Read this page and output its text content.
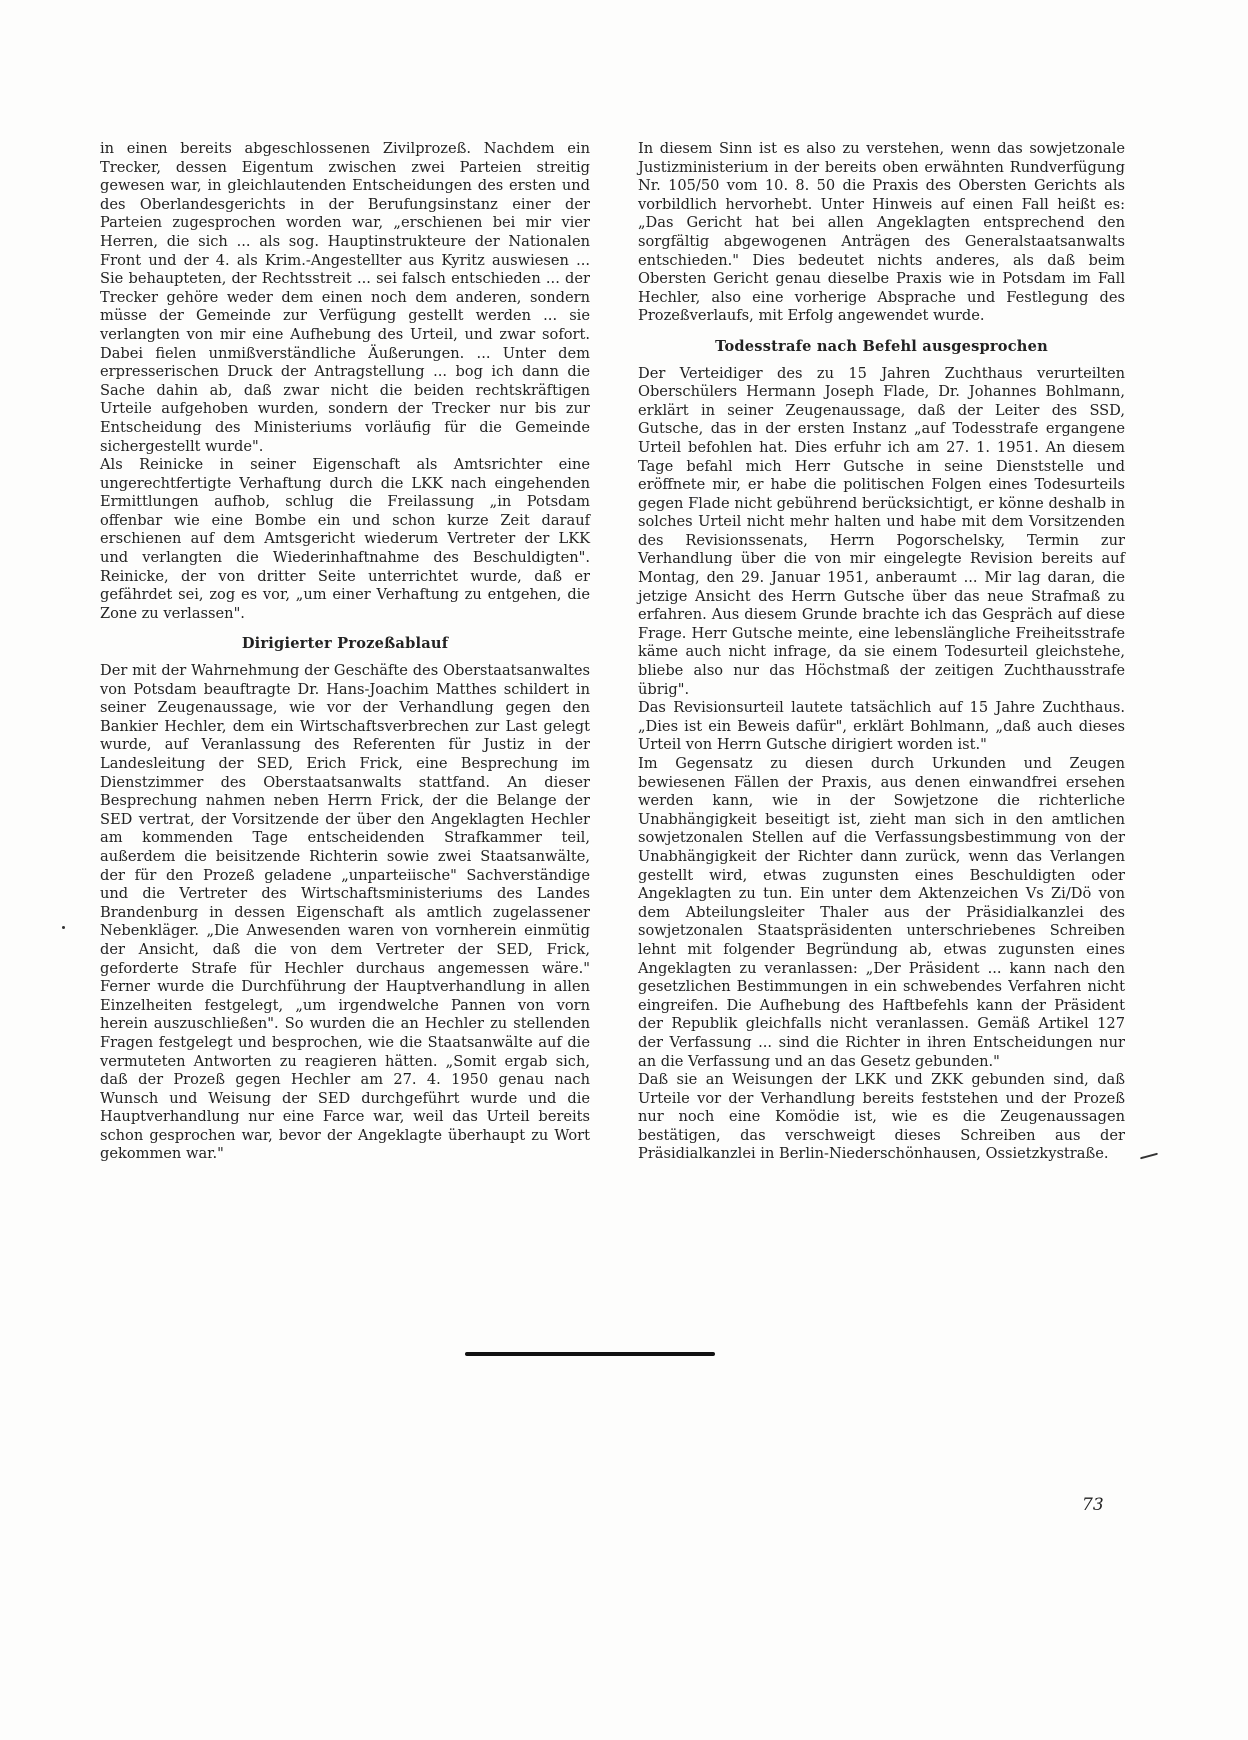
in einen bereits abgeschlossenen Zivilprozeß. Nachdem ein Trecker, dessen Eigentum zwischen zwei Parteien streitig gewesen war, in gleichlautenden Entscheidungen des ersten und des Oberlandesgerichts in der Berufungsinstanz einer der Parteien zugesprochen worden war, „erschienen bei mir vier Herren, die sich ... als sog. Hauptinstrukteure der Nationalen Front und der 4. als Krim.-Angestellter aus Kyritz auswiesen ... Sie behaupteten, der Rechtsstreit ... sei falsch entschieden ... der Trecker gehöre weder dem einen noch dem anderen, sondern müsse der Gemeinde zur Verfügung gestellt werden ... sie verlangten von mir eine Aufhebung des Urteil, und zwar sofort. Dabei fielen unmißverständliche Äußerungen. ... Unter dem erpresserischen Druck der Antragstellung ... bog ich dann die Sache dahin ab, daß zwar nicht die beiden rechtskräftigen Urteile aufgehoben wurden, sondern der Trecker nur bis zur Entscheidung des Ministeriums vorläufig für die Gemeinde sichergestellt wurde".

Als Reinicke in seiner Eigenschaft als Amtsrichter eine ungerechtfertigte Verhaftung durch die LKK nach eingehenden Ermittlungen aufhob, schlug die Freilassung „in Potsdam offenbar wie eine Bombe ein und schon kurze Zeit darauf erschienen auf dem Amtsgericht wiederum Vertreter der LKK und verlangten die Wiederinhaftnahme des Beschuldigten". Reinicke, der von dritter Seite unterrichtet wurde, daß er gefährdet sei, zog es vor, „um einer Verhaftung zu entgehen, die Zone zu verlassen".

Dirigierter Prozeßablauf

Der mit der Wahrnehmung der Geschäfte des Oberstaatsanwaltes von Potsdam beauftragte Dr. Hans-Joachim Matthes schildert in seiner Zeugenaussage, wie vor der Verhandlung gegen den Bankier Hechler, dem ein Wirtschaftsverbrechen zur Last gelegt wurde, auf Veranlassung des Referenten für Justiz in der Landesleitung der SED, Erich Frick, eine Besprechung im Dienstzimmer des Oberstaatsanwalts stattfand. An dieser Besprechung nahmen neben Herrn Frick, der die Belange der SED vertrat, der Vorsitzende der über den Angeklagten Hechler am kommenden Tage entscheidenden Strafkammer teil, außerdem die beisitzende Richterin sowie zwei Staatsanwälte, der für den Prozeß geladene „unparteiische" Sachverständige und die Vertreter des Wirtschaftsministeriums des Landes Brandenburg in dessen Eigenschaft als amtlich zugelassener Nebenkläger. „Die Anwesenden waren von vornherein einmütig der Ansicht, daß die von dem Vertreter der SED, Frick, geforderte Strafe für Hechler durchaus angemessen wäre." Ferner wurde die Durchführung der Hauptverhandlung in allen Einzelheiten festgelegt, „um irgendwelche Pannen von vorn herein auszuschließen". So wurden die an Hechler zu stellenden Fragen festgelegt und besprochen, wie die Staatsanwälte auf die vermuteten Antworten zu reagieren hätten. „Somit ergab sich, daß der Prozeß gegen Hechler am 27. 4. 1950 genau nach Wunsch und Weisung der SED durchgeführt wurde und die Hauptverhandlung nur eine Farce war, weil das Urteil bereits schon gesprochen war, bevor der Angeklagte überhaupt zu Wort gekommen war."

In diesem Sinn ist es also zu verstehen, wenn das sowjetzonale Justizministerium in der bereits oben erwähnten Rundverfügung Nr. 105/50 vom 10. 8. 50 die Praxis des Obersten Gerichts als vorbildlich hervorhebt. Unter Hinweis auf einen Fall heißt es: „Das Gericht hat bei allen Angeklagten entsprechend den sorgfältig abgewogenen Anträgen des Generalstaatsanwalts entschieden." Dies bedeutet nichts anderes, als daß beim Obersten Gericht genau dieselbe Praxis wie in Potsdam im Fall Hechler, also eine vorherige Absprache und Festlegung des Prozeßverlaufs, mit Erfolg angewendet wurde.

Todesstrafe nach Befehl ausgesprochen

Der Verteidiger des zu 15 Jahren Zuchthaus verurteilten Oberschülers Hermann Joseph Flade, Dr. Johannes Bohlmann, erklärt in seiner Zeugenaussage, daß der Leiter des SSD, Gutsche, das in der ersten Instanz „auf Todesstrafe ergangene Urteil befohlen hat. Dies erfuhr ich am 27. 1. 1951. An diesem Tage befahl mich Herr Gutsche in seine Dienststelle und eröffnete mir, er habe die politischen Folgen eines Todesurteils gegen Flade nicht gebührend berücksichtigt, er könne deshalb in solches Urteil nicht mehr halten und habe mit dem Vorsitzenden des Revisionssenats, Herrn Pogorschelsky, Termin zur Verhandlung über die von mir eingelegte Revision bereits auf Montag, den 29. Januar 1951, anberaumt ... Mir lag daran, die jetzige Ansicht des Herrn Gutsche über das neue Strafmaß zu erfahren. Aus diesem Grunde brachte ich das Gespräch auf diese Frage. Herr Gutsche meinte, eine lebenslängliche Freiheitsstrafe käme auch nicht infrage, da sie einem Todesurteil gleichstehe, bliebe also nur das Höchstmaß der zeitigen Zuchthausstrafe übrig".

Das Revisionsurteil lautete tatsächlich auf 15 Jahre Zuchthaus. „Dies ist ein Beweis dafür", erklärt Bohlmann, „daß auch dieses Urteil von Herrn Gutsche dirigiert worden ist."

Im Gegensatz zu diesen durch Urkunden und Zeugen bewiesenen Fällen der Praxis, aus denen einwandfrei ersehen werden kann, wie in der Sowjetzone die richterliche Unabhängigkeit beseitigt ist, zieht man sich in den amtlichen sowjetzonalen Stellen auf die Verfassungsbestimmung von der Unabhängigkeit der Richter dann zurück, wenn das Verlangen gestellt wird, etwas zugunsten eines Beschuldigten oder Angeklagten zu tun. Ein unter dem Aktenzeichen Vs Zi/Dö von dem Abteilungsleiter Thaler aus der Präsidialkanzlei des sowjetzonalen Staatspräsidenten unterschriebenes Schreiben lehnt mit folgender Begründung ab, etwas zugunsten eines Angeklagten zu veranlassen: „Der Präsident ... kann nach den gesetzlichen Bestimmungen in ein schwebendes Verfahren nicht eingreifen. Die Aufhebung des Haftbefehls kann der Präsident der Republik gleichfalls nicht veranlassen. Gemäß Artikel 127 der Verfassung ... sind die Richter in ihren Entscheidungen nur an die Verfassung und an das Gesetz gebunden."

Daß sie an Weisungen der LKK und ZKK gebunden sind, daß Urteile vor der Verhandlung bereits feststehen und der Prozeß nur noch eine Komödie ist, wie es die Zeugenaussagen bestätigen, das verschweigt dieses Schreiben aus der Präsidialkanzlei in Berlin-Niederschönhausen, Ossietzkystraße.

73
